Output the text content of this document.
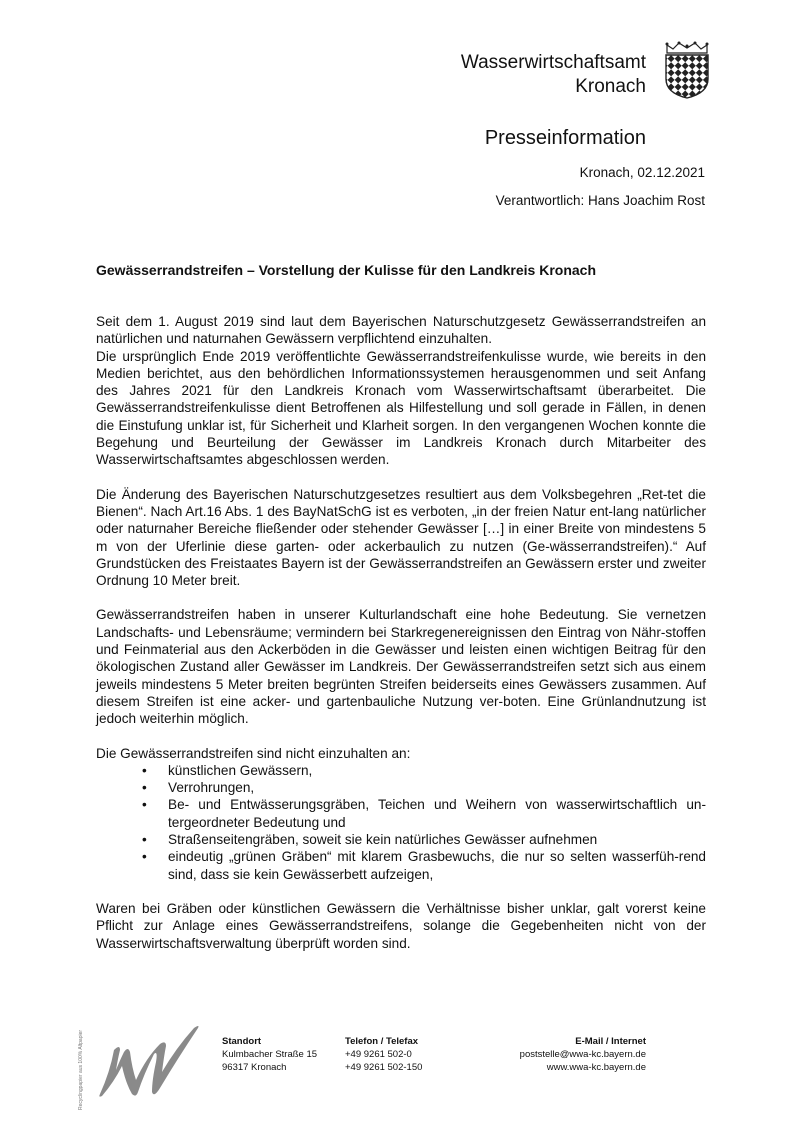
Wasserwirtschaftsamt
Kronach
Presseinformation
Kronach, 02.12.2021
Verantwortlich: Hans Joachim Rost
Gewässerrandstreifen – Vorstellung der Kulisse für den Landkreis Kronach

Seit dem 1. August 2019 sind laut dem Bayerischen Naturschutzgesetz Gewässerrandstreifen an natürlichen und naturnahen Gewässern verpflichtend einzuhalten.

Die ursprünglich Ende 2019 veröffentlichte Gewässerrandstreifenkulisse wurde, wie bereits in den Medien berichtet, aus den behördlichen Informationssystemen herausgenommen und seit Anfang des Jahres 2021 für den Landkreis Kronach vom Wasserwirtschaftsamt überarbeitet. Die Gewässerrandstreifenkulisse dient Betroffenen als Hilfestellung und soll gerade in Fällen, in denen die Einstufung unklar ist, für Sicherheit und Klarheit sorgen. In den vergangenen Wochen konnte die Begehung und Beurteilung der Gewässer im Landkreis Kronach durch Mitarbeiter des Wasserwirtschaftsamtes abgeschlossen werden.

Die Änderung des Bayerischen Naturschutzgesetzes resultiert aus dem Volksbegehren „Ret-tet die Bienen“. Nach Art.16 Abs. 1 des BayNatSchG ist es verboten, „in der freien Natur ent-lang natürlicher oder naturnaher Bereiche fließender oder stehender Gewässer […] in einer Breite von mindestens 5 m von der Uferlinie diese garten- oder ackerbaulich zu nutzen (Ge-wässerrandstreifen).“ Auf Grundstücken des Freistaates Bayern ist der Gewässerrandstreifen an Gewässern erster und zweiter Ordnung 10 Meter breit.

Gewässerrandstreifen haben in unserer Kulturlandschaft eine hohe Bedeutung. Sie vernetzen Landschafts- und Lebensräume; vermindern bei Starkregenereignissen den Eintrag von Nähr-stoffen und Feinmaterial aus den Ackerböden in die Gewässer und leisten einen wichtigen Beitrag für den ökologischen Zustand aller Gewässer im Landkreis. Der Gewässerrandstreifen setzt sich aus einem jeweils mindestens 5 Meter breiten begrünten Streifen beiderseits eines Gewässers zusammen. Auf diesem Streifen ist eine acker- und gartenbauliche Nutzung ver-boten. Eine Grünlandnutzung ist jedoch weiterhin möglich.

Die Gewässerrandstreifen sind nicht einzuhalten an:

• künstlichen Gewässern,
• Verrohrungen,
• Be- und Entwässerungsgräben, Teichen und Weihern von wasserwirtschaftlich un-tergeordneter Bedeutung und
• Straßenseitengräben, soweit sie kein natürliches Gewässer aufnehmen
• eindeutig „grünen Gräben“ mit klarem Grasbewuchs, die nur so selten wasserfüh-rend sind, dass sie kein Gewässerbett aufzeigen,

Waren bei Gräben oder künstlichen Gewässern die Verhältnisse bisher unklar, galt vorerst keine Pflicht zur Anlage eines Gewässerrandstreifens, solange die Gegebenheiten nicht von der Wasserwirtschaftsverwaltung überprüft worden sind.

Recyclingpapier aus 100% Altpapier	Standort
Kulmbacher Straße 15
96317 Kronach
Telefon / Telefax
+49 9261 502-0
+49 9261 502-150
E-Mail / Internet
poststelle@wwa-kc.bayern.de
www.wwa-kc.bayern.de
